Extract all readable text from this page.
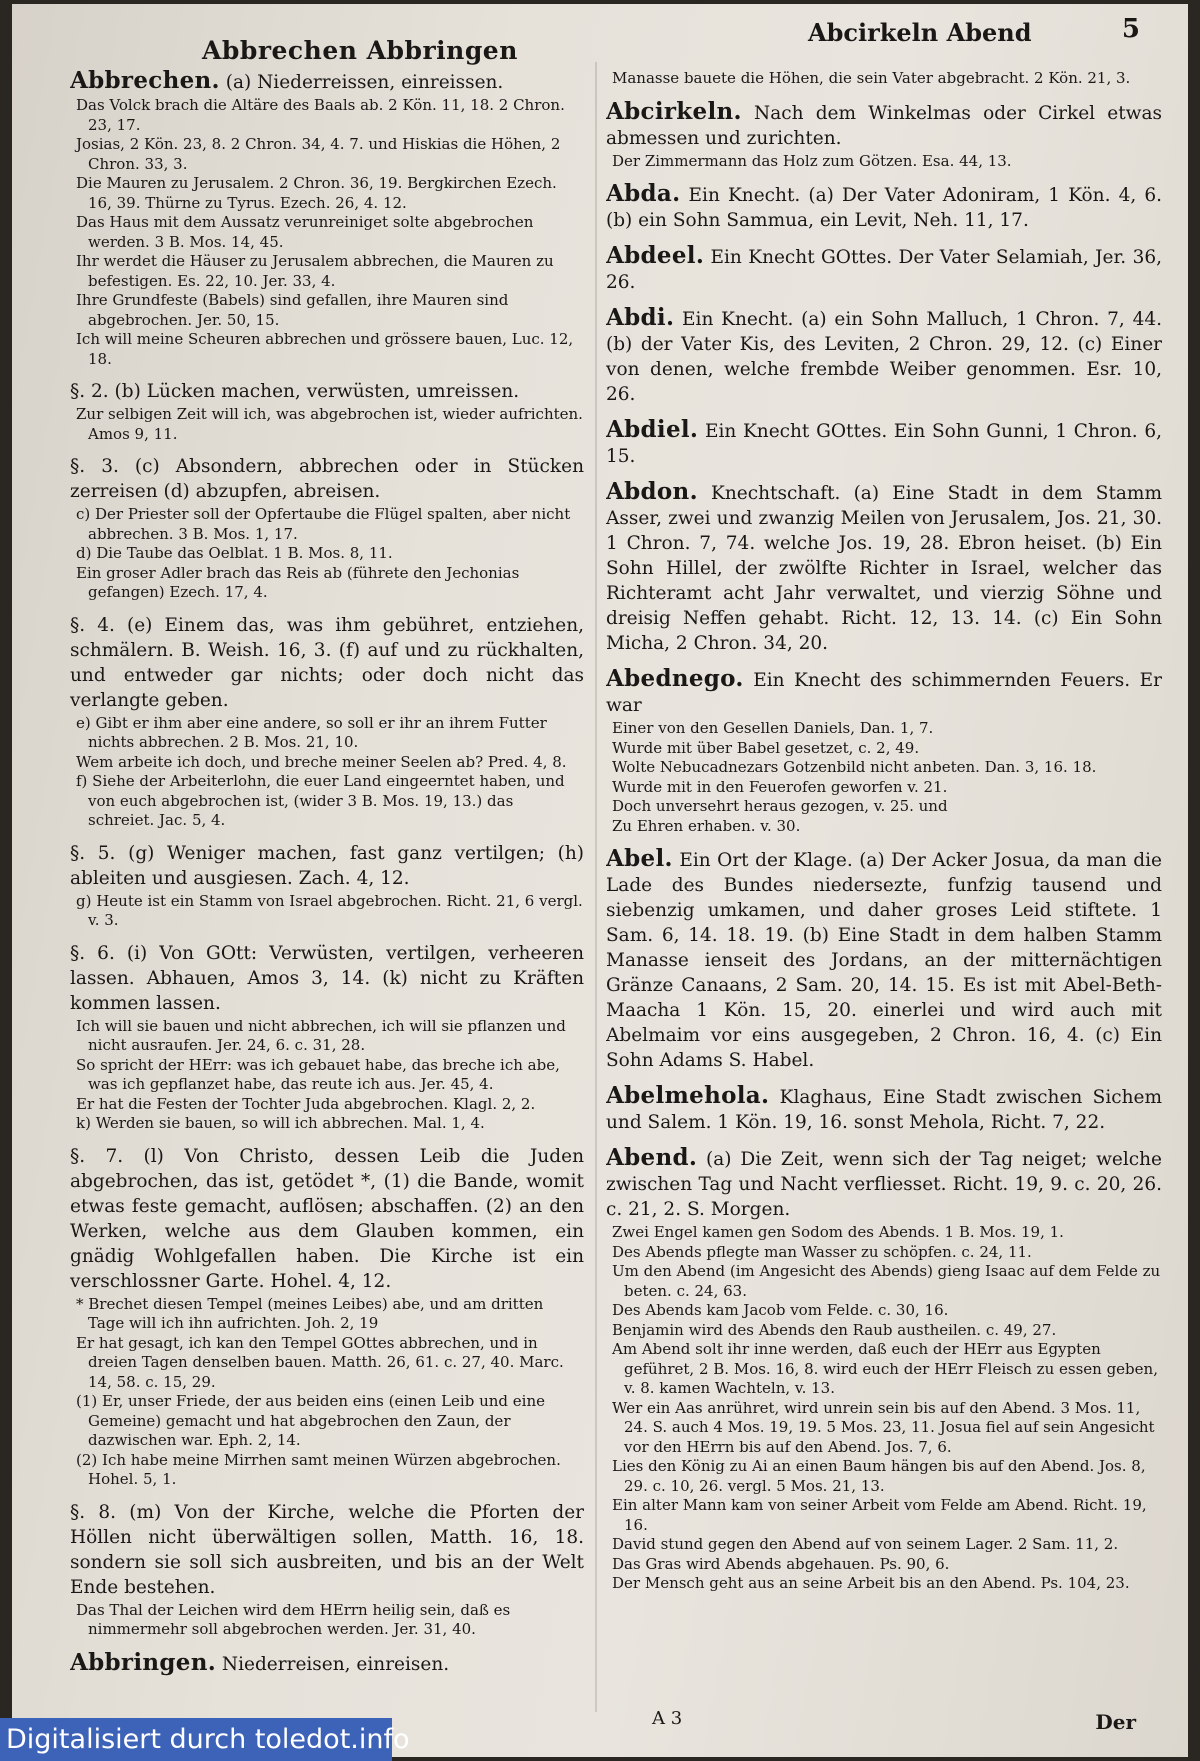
Abbrechen Abbringen
Abcirkeln Abend	5

Abbrechen. (a) Niederreissen, einreissen.

Das Volck brach die Altäre des Baals ab. 2 Kön. 11, 18. 2 Chron. 23, 17.

Josias, 2 Kön. 23, 8. 2 Chron. 34, 4. 7. und Hiskias die Höhen, 2 Chron. 33, 3.

Die Mauren zu Jerusalem. 2 Chron. 36, 19. Bergkirchen Ezech. 16, 39. Thürne zu Tyrus. Ezech. 26, 4. 12.

Das Haus mit dem Aussatz verunreiniget solte abgebrochen werden. 3 B. Mos. 14, 45.

Ihr werdet die Häuser zu Jerusalem abbrechen, die Mauren zu befestigen. Es. 22, 10. Jer. 33, 4.

Ihre Grundfeste (Babels) sind gefallen, ihre Mauren sind abgebrochen. Jer. 50, 15.

Ich will meine Scheuren abbrechen und grössere bauen, Luc. 12, 18.

§. 2. (b) Lücken machen, verwüsten, umreissen.

Zur selbigen Zeit will ich, was abgebrochen ist, wieder aufrichten. Amos 9, 11.

§. 3. (c) Absondern, abbrechen oder in Stücken zerreisen (d) abzupfen, abreisen.

c) Der Priester soll der Opfertaube die Flügel spalten, aber nicht abbrechen. 3 B. Mos. 1, 17.

d) Die Taube das Oelblat. 1 B. Mos. 8, 11.

Ein groser Adler brach das Reis ab (führete den Jechonias gefangen) Ezech. 17, 4.

§. 4. (e) Einem das, was ihm gebühret, entziehen, schmälern. B. Weish. 16, 3. (f) auf und zu rückhalten, und entweder gar nichts; oder doch nicht das verlangte geben.

e) Gibt er ihm aber eine andere, so soll er ihr an ihrem Futter nichts abbrechen. 2 B. Mos. 21, 10.

Wem arbeite ich doch, und breche meiner Seelen ab? Pred. 4, 8.

f) Siehe der Arbeiterlohn, die euer Land eingeerntet haben, und von euch abgebrochen ist, (wider 3 B. Mos. 19, 13.) das schreiet. Jac. 5, 4.

§. 5. (g) Weniger machen, fast ganz vertilgen; (h) ableiten und ausgiesen. Zach. 4, 12.

g) Heute ist ein Stamm von Israel abgebrochen. Richt. 21, 6 vergl. v. 3.

§. 6. (i) Von GOtt: Verwüsten, vertilgen, verheeren lassen. Abhauen, Amos 3, 14. (k) nicht zu Kräften kommen lassen.

Ich will sie bauen und nicht abbrechen, ich will sie pflanzen und nicht ausraufen. Jer. 24, 6. c. 31, 28.

So spricht der HErr: was ich gebauet habe, das breche ich abe, was ich gepflanzet habe, das reute ich aus. Jer. 45, 4.

Er hat die Festen der Tochter Juda abgebrochen. Klagl. 2, 2.

k) Werden sie bauen, so will ich abbrechen. Mal. 1, 4.

§. 7. (l) Von Christo, dessen Leib die Juden abgebrochen, das ist, getödet *, (1) die Bande, womit etwas feste gemacht, auflösen; abschaffen. (2) an den Werken, welche aus dem Glauben kommen, ein gnädig Wohlgefallen haben. Die Kirche ist ein verschlossner Garte. Hohel. 4, 12.

* Brechet diesen Tempel (meines Leibes) abe, und am dritten Tage will ich ihn aufrichten. Joh. 2, 19

Er hat gesagt, ich kan den Tempel GOttes abbrechen, und in dreien Tagen denselben bauen. Matth. 26, 61. c. 27, 40. Marc. 14, 58. c. 15, 29.

(1) Er, unser Friede, der aus beiden eins (einen Leib und eine Gemeine) gemacht und hat abgebrochen den Zaun, der dazwischen war. Eph. 2, 14.

(2) Ich habe meine Mirrhen samt meinen Würzen abgebrochen. Hohel. 5, 1.

§. 8. (m) Von der Kirche, welche die Pforten der Höllen nicht überwältigen sollen, Matth. 16, 18. sondern sie soll sich ausbreiten, und bis an der Welt Ende bestehen.

Das Thal der Leichen wird dem HErrn heilig sein, daß es nimmermehr soll abgebrochen werden. Jer. 31, 40.

Abbringen. Niederreisen, einreisen.

Manasse bauete die Höhen, die sein Vater abgebracht. 2 Kön. 21, 3.

Abcirkeln. Nach dem Winkelmas oder Cirkel etwas abmessen und zurichten.

Der Zimmermann das Holz zum Götzen. Esa. 44, 13.

Abda. Ein Knecht. (a) Der Vater Adoniram, 1 Kön. 4, 6. (b) ein Sohn Sammua, ein Levit, Neh. 11, 17.

Abdeel. Ein Knecht GOttes. Der Vater Selamiah, Jer. 36, 26.

Abdi. Ein Knecht. (a) ein Sohn Malluch, 1 Chron. 7, 44. (b) der Vater Kis, des Leviten, 2 Chron. 29, 12. (c) Einer von denen, welche frembde Weiber genommen. Esr. 10, 26.

Abdiel. Ein Knecht GOttes. Ein Sohn Gunni, 1 Chron. 6, 15.

Abdon. Knechtschaft. (a) Eine Stadt in dem Stamm Asser, zwei und zwanzig Meilen von Jerusalem, Jos. 21, 30. 1 Chron. 7, 74. welche Jos. 19, 28. Ebron heiset. (b) Ein Sohn Hillel, der zwölfte Richter in Israel, welcher das Richteramt acht Jahr verwaltet, und vierzig Söhne und dreisig Neffen gehabt. Richt. 12, 13. 14. (c) Ein Sohn Micha, 2 Chron. 34, 20.

Abednego. Ein Knecht des schimmernden Feuers. Er war

Einer von den Gesellen Daniels, Dan. 1, 7.

Wurde mit über Babel gesetzet, c. 2, 49.

Wolte Nebucadnezars Gotzenbild nicht anbeten. Dan. 3, 16. 18.

Wurde mit in den Feuerofen geworfen v. 21.

Doch unversehrt heraus gezogen, v. 25. und

Zu Ehren erhaben. v. 30.

Abel. Ein Ort der Klage. (a) Der Acker Josua, da man die Lade des Bundes niedersezte, funfzig tausend und siebenzig umkamen, und daher groses Leid stiftete. 1 Sam. 6, 14. 18. 19. (b) Eine Stadt in dem halben Stamm Manasse ienseit des Jordans, an der mitternächtigen Gränze Canaans, 2 Sam. 20, 14. 15. Es ist mit Abel-Beth-Maacha 1 Kön. 15, 20. einerlei und wird auch mit Abelmaim vor eins ausgegeben, 2 Chron. 16, 4. (c) Ein Sohn Adams S. Habel.

Abelmehola. Klaghaus, Eine Stadt zwischen Sichem und Salem. 1 Kön. 19, 16. sonst Mehola, Richt. 7, 22.

Abend. (a) Die Zeit, wenn sich der Tag neiget; welche zwischen Tag und Nacht verfliesset. Richt. 19, 9. c. 20, 26. c. 21, 2. S. Morgen.

Zwei Engel kamen gen Sodom des Abends. 1 B. Mos. 19, 1.

Des Abends pflegte man Wasser zu schöpfen. c. 24, 11.

Um den Abend (im Angesicht des Abends) gieng Isaac auf dem Felde zu beten. c. 24, 63.

Des Abends kam Jacob vom Felde. c. 30, 16.

Benjamin wird des Abends den Raub austheilen. c. 49, 27.

Am Abend solt ihr inne werden, daß euch der HErr aus Egypten geführet, 2 B. Mos. 16, 8. wird euch der HErr Fleisch zu essen geben, v. 8. kamen Wachteln, v. 13.

Wer ein Aas anrühret, wird unrein sein bis auf den Abend. 3 Mos. 11, 24. S. auch 4 Mos. 19, 19. 5 Mos. 23, 11. Josua fiel auf sein Angesicht vor den HErrn bis auf den Abend. Jos. 7, 6.

Lies den König zu Ai an einen Baum hängen bis auf den Abend. Jos. 8, 29. c. 10, 26. vergl. 5 Mos. 21, 13.

Ein alter Mann kam von seiner Arbeit vom Felde am Abend. Richt. 19, 16.

David stund gegen den Abend auf von seinem Lager. 2 Sam. 11, 2.

Das Gras wird Abends abgehauen. Ps. 90, 6.

Der Mensch geht aus an seine Arbeit bis an den Abend. Ps. 104, 23.

A 3	Der
Digitalisiert durch toledot.info
